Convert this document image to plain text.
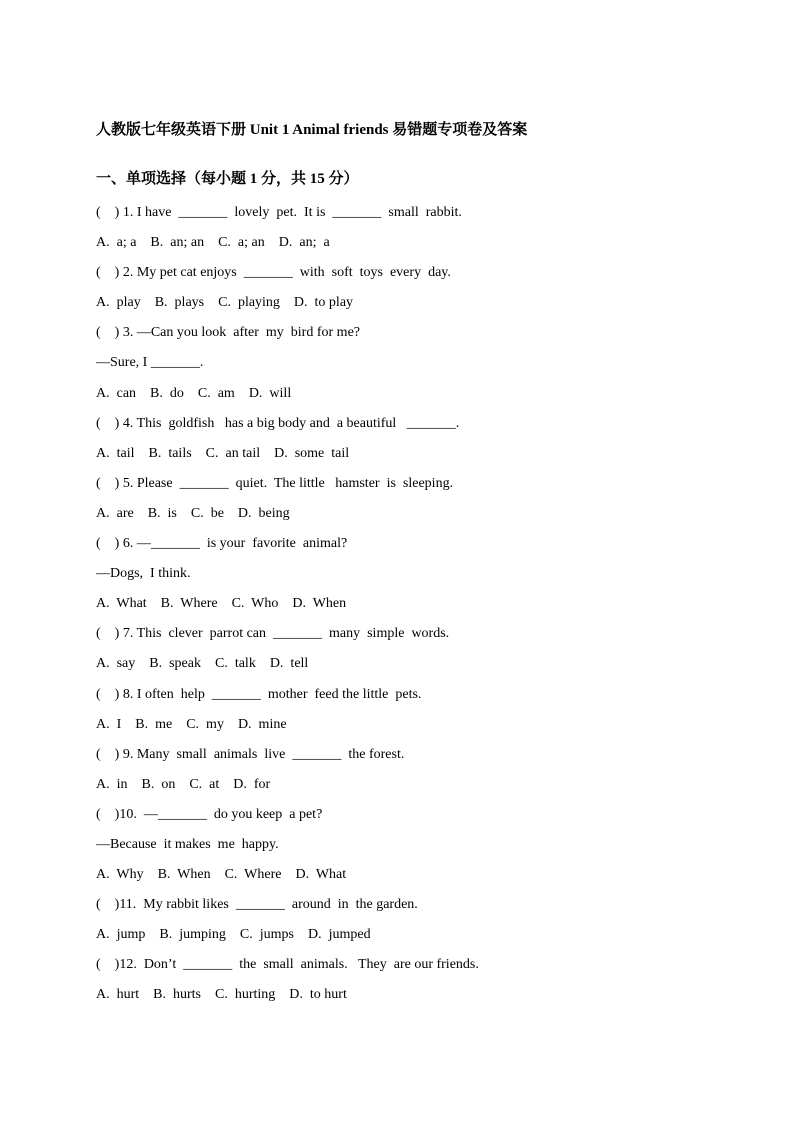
人教版七年级英语下册 Unit 1 Animal friends 易错题专项卷及答案
一、单项选择（每小题 1 分，共 15 分）
(    ) 1. I have  _______  lovely  pet.  It is  _______  small  rabbit.
A.  a; a    B.  an; an    C.  a; an    D.  an;  a
(    ) 2. My pet cat enjoys  _______  with  soft  toys  every  day.
A.  play    B.  plays    C.  playing    D.  to play
(    ) 3. —Can you look  after  my  bird for me?
—Sure, I _______.
A.  can    B.  do    C.  am    D.  will
(    ) 4. This  goldfish   has a big body and  a beautiful   _______.
A.  tail    B.  tails    C.  an tail    D.  some  tail
(    ) 5. Please  _______  quiet.  The little   hamster  is  sleeping.
A.  are    B.  is    C.  be    D.  being
(    ) 6. —_______  is your  favorite  animal?
—Dogs,  I think.
A.  What    B.  Where    C.  Who    D.  When
(    ) 7. This  clever  parrot can  _______  many  simple  words.
A.  say    B.  speak    C.  talk    D.  tell
(    ) 8. I often  help  _______  mother  feed the little  pets.
A.  I    B.  me    C.  my    D.  mine
(    ) 9. Many  small  animals  live  _______  the forest.
A.  in    B.  on    C.  at    D.  for
(    )10.  —_______  do you keep  a pet?
—Because  it makes  me  happy.
A.  Why    B.  When    C.  Where    D.  What
(    )11.  My rabbit likes  _______  around  in  the garden.
A.  jump    B.  jumping    C.  jumps    D.  jumped
(    )12.  Don’t  _______  the  small  animals.   They  are our friends.
A.  hurt    B.  hurts    C.  hurting    D.  to hurt
